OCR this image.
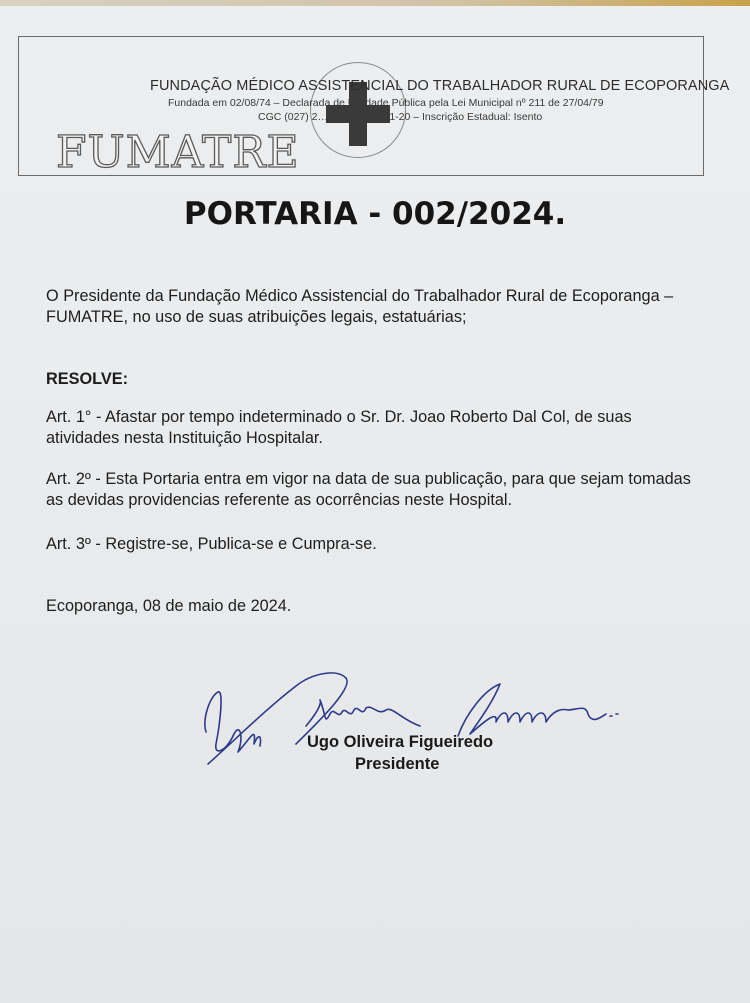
FUNDAÇÃO MÉDICO ASSISTENCIAL DO TRABALHADOR RURAL DE ECOPORANGA
Fundada em 02/08/74 – Declarada de Utilidade Pública pela Lei Municipal nº 211 de 27/04/79
CGC (027) 2… 285 729/0001-20 – Inscrição Estadual: Isento
FUMATRE
PORTARIA - 002/2024.
O Presidente da Fundação Médico Assistencial do Trabalhador Rural de Ecoporanga – FUMATRE, no uso de suas atribuições legais, estatuárias;
RESOLVE:
Art. 1° - Afastar por tempo indeterminado o Sr. Dr. Joao Roberto Dal Col, de suas atividades nesta Instituição Hospitalar.
Art. 2º - Esta Portaria entra em vigor na data de sua publicação, para que sejam tomadas as devidas providencias referente as ocorrências neste Hospital.
Art. 3º - Registre-se, Publica-se e Cumpra-se.
Ecoporanga, 08 de maio de 2024.
Ugo Oliveira Figueiredo
Presidente
